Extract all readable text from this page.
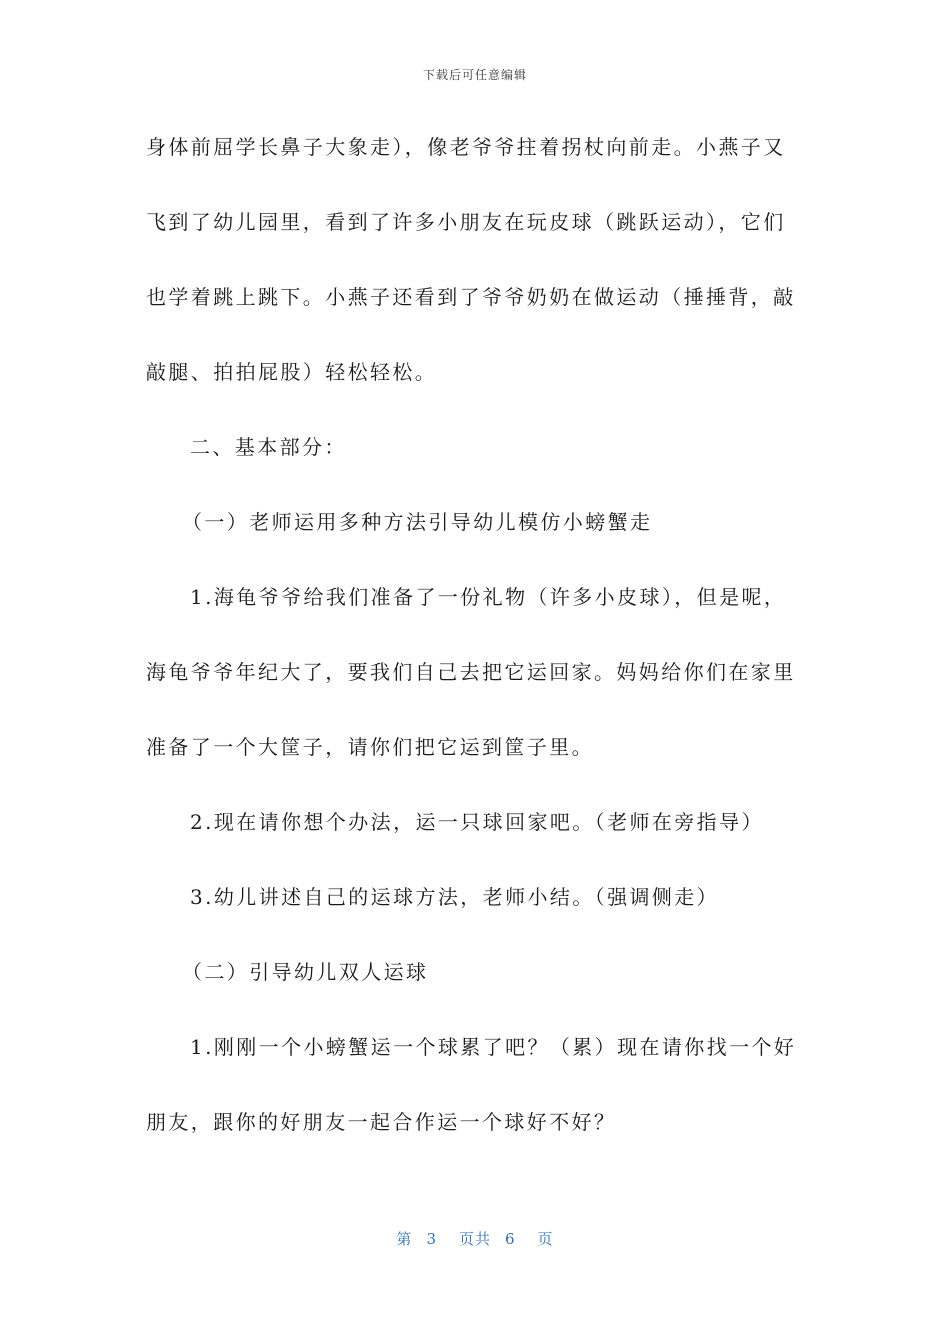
下载后可任意编辑
身体前屈学长鼻子大象走），像老爷爷拄着拐杖向前走。小燕子又
飞到了幼儿园里，看到了许多小朋友在玩皮球（跳跃运动），它们
也学着跳上跳下。小燕子还看到了爷爷奶奶在做运动（捶捶背，敲
敲腿、拍拍屁股）轻松轻松。
二、基本部分：
（一）老师运用多种方法引导幼儿模仿小螃蟹走
1.海龟爷爷给我们准备了一份礼物（许多小皮球），但是呢，
海龟爷爷年纪大了，要我们自己去把它运回家。妈妈给你们在家里
准备了一个大筐子，请你们把它运到筐子里。
2.现在请你想个办法，运一只球回家吧。（老师在旁指导）
3.幼儿讲述自己的运球方法，老师小结。（强调侧走）
（二）引导幼儿双人运球
1.刚刚一个小螃蟹运一个球累了吧？（累）现在请你找一个好
朋友，跟你的好朋友一起合作运一个球好不好？
第 3 页共 6 页
